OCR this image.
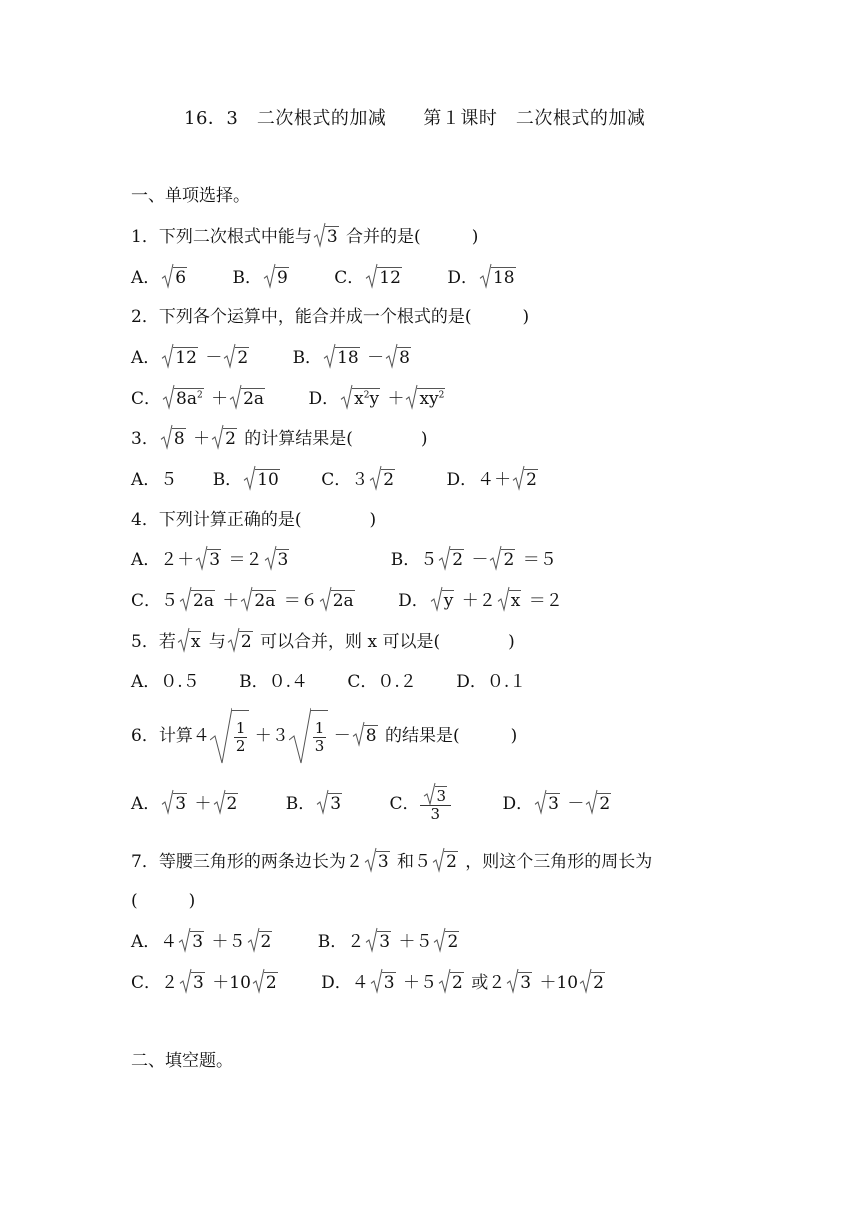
16．3　二次根式的加减　　第１课时　二次根式的加减
一、单项选择。
1．下列二次根式中能与 3 合并的是(　　　)
A． 6	B． 9	C． 12	D． 18
2．下列各个运算中，能合并成一个根式的是(　　　)
A． 12 － 2	B． 18 － 8
C． $8a^2 + 2a$	D． $x^2y + xy^2$
3． 8 ＋ 2 的计算结果是(　　　　)
A．５ B． 10 C．３ 2	D．４＋ 2
4．下列计算正确的是(　　　　)
A．２＋ 3 ＝２ 3	B．５ 2 － 2 ＝５
C．５ 2a ＋ 2a ＝６ 2a	D． y ＋２ x ＝２
5．若 x 与 2 可以合并，则 x 可以是(　　　　)
A．０.５　　 B．０.４　　 C．０.２　　 D．０.１
6．计算$4 \frac{1}{2} +3 \frac{1}{3} - 8$ 的结果是(　　　)
A． 3 ＋ 2	B． 3	C． $\frac{3}{3}$	D． 3 － 2
7．等腰三角形的两条边长为２ 3 和５ 2 ，则这个三角形的周长为
(　　　)
A．４ 3 ＋５ 2	B．２ 3 ＋５ 2
C．２ 3 ＋10 2	D．４ 3 ＋５ 2 或２ 3 ＋10 2
二、填空题。
